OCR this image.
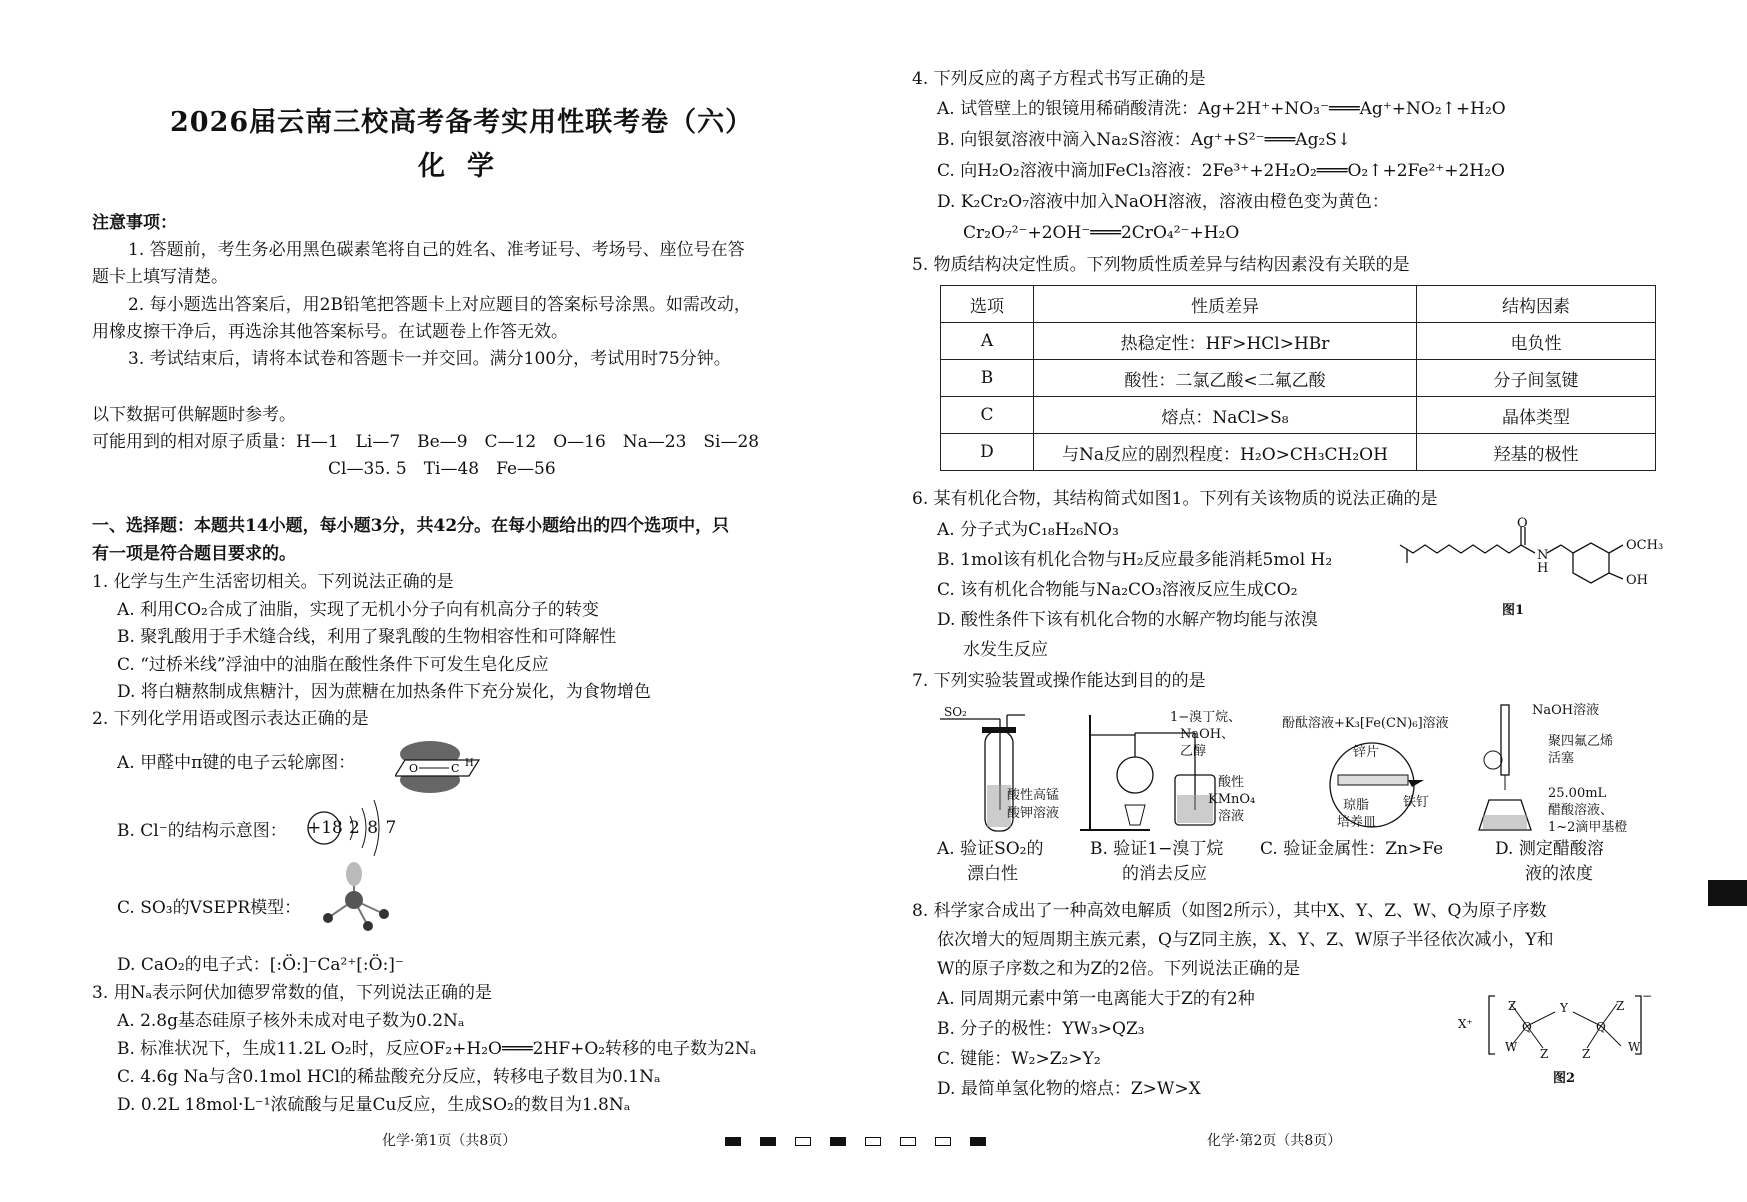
2026届云南三校高考备考实用性联考卷（六）
化学
注意事项：
1. 答题前，考生务必用黑色碳素笔将自己的姓名、准考证号、考场号、座位号在答
题卡上填写清楚。
2. 每小题选出答案后，用2B铅笔把答题卡上对应题目的答案标号涂黑。如需改动，
用橡皮擦干净后，再选涂其他答案标号。在试题卷上作答无效。
3. 考试结束后，请将本试卷和答题卡一并交回。满分100分，考试用时75分钟。
以下数据可供解题时参考。
可能用到的相对原子质量：H—1　Li—7　Be—9　C—12　O—16　Na—23　Si—28
Cl—35. 5　Ti—48　Fe—56
一、选择题：本题共14小题，每小题3分，共42分。在每小题给出的四个选项中，只
有一项是符合题目要求的。
1. 化学与生产生活密切相关。下列说法正确的是
A. 利用CO₂合成了油脂，实现了无机小分子向有机高分子的转变
B. 聚乳酸用于手术缝合线，利用了聚乳酸的生物相容性和可降解性
C. “过桥米线”浮油中的油脂在酸性条件下可发生皂化反应
D. 将白糖熬制成焦糖汁，因为蔗糖在加热条件下充分炭化，为食物增色
2. 下列化学用语或图示表达正确的是
A. 甲醛中π键的电子云轮廓图：	O	C H
B. Cl⁻的结构示意图： +18 2 8 7
C. SO₃的VSEPR模型：
D. CaO₂的电子式：[:Ö:]⁻Ca²⁺[:Ö:]⁻
3. 用Nₐ表示阿伏加德罗常数的值，下列说法正确的是
A. 2.8g基态硅原子核外未成对电子数为0.2Nₐ
B. 标准状况下，生成11.2L O₂时，反应OF₂+H₂O═══2HF+O₂转移的电子数为2Nₐ
C. 4.6g Na与含0.1mol HCl的稀盐酸充分反应，转移电子数目为0.1Nₐ
D. 0.2L 18mol·L⁻¹浓硫酸与足量Cu反应，生成SO₂的数目为1.8Nₐ
4. 下列反应的离子方程式书写正确的是
A. 试管壁上的银镜用稀硝酸清洗：Ag+2H⁺+NO₃⁻═══Ag⁺+NO₂↑+H₂O
B. 向银氨溶液中滴入Na₂S溶液：Ag⁺+S²⁻═══Ag₂S↓
C. 向H₂O₂溶液中滴加FeCl₃溶液：2Fe³⁺+2H₂O₂═══O₂↑+2Fe²⁺+2H₂O
D. K₂Cr₂O₇溶液中加入NaOH溶液，溶液由橙色变为黄色：
Cr₂O₇²⁻+2OH⁻═══2CrO₄²⁻+H₂O
5. 物质结构决定性质。下列物质性质差异与结构因素没有关联的是
选项	性质差异	结构因素
A	热稳定性：HF>HCl>HBr	电负性
B	酸性：二氯乙酸<二氟乙酸	分子间氢键
C	熔点：NaCl>S₈	晶体类型
D	与Na反应的剧烈程度：H₂O>CH₃CH₂OH	羟基的极性
6. 某有机化合物，其结构简式如图1。下列有关该物质的说法正确的是
A. 分子式为C₁₈H₂₆NO₃
B. 1mol该有机化合物与H₂反应最多能消耗5mol H₂
C. 该有机化合物能与Na₂CO₃溶液反应生成CO₂
D. 酸性条件下该有机化合物的水解产物均能与浓溴
水发生反应
O
N
H
OCH₃
OH
图1
7. 下列实验装置或操作能达到目的的是
SO₂
酸性高锰
酸钾溶液
1−溴丁烷、
NaOH、
乙醇
酸性
KMnO₄
溶液
酚酞溶液+K₃[Fe(CN)₆]溶液
锌片
铁钉
琼脂
培养皿
NaOH溶液
聚四氟乙烯
活塞
25.00mL
醋酸溶液、
1~2滴甲基橙
A. 验证SO₂的
漂白性
B. 验证1−溴丁烷
的消去反应
C. 验证金属性：Zn>Fe	D. 测定醋酸溶
液的浓度
8. 科学家合成出了一种高效电解质（如图2所示），其中X、Y、Z、W、Q为原子序数
依次增大的短周期主族元素，Q与Z同主族，X、Y、Z、W原子半径依次减小，Y和
W的原子序数之和为Z的2倍。下列说法正确的是
A. 同周期元素中第一电离能大于Z的有2种
B. 分子的极性：YW₃>QZ₃
C. 键能：W₂>Z₂>Y₂
D. 最简单氢化物的熔点：Z>W>X
X⁺	Q	Q
Y
Z	Z
Z	Z
W	W
−
图2
化学·第1页（共8页）	化学·第2页（共8页）
